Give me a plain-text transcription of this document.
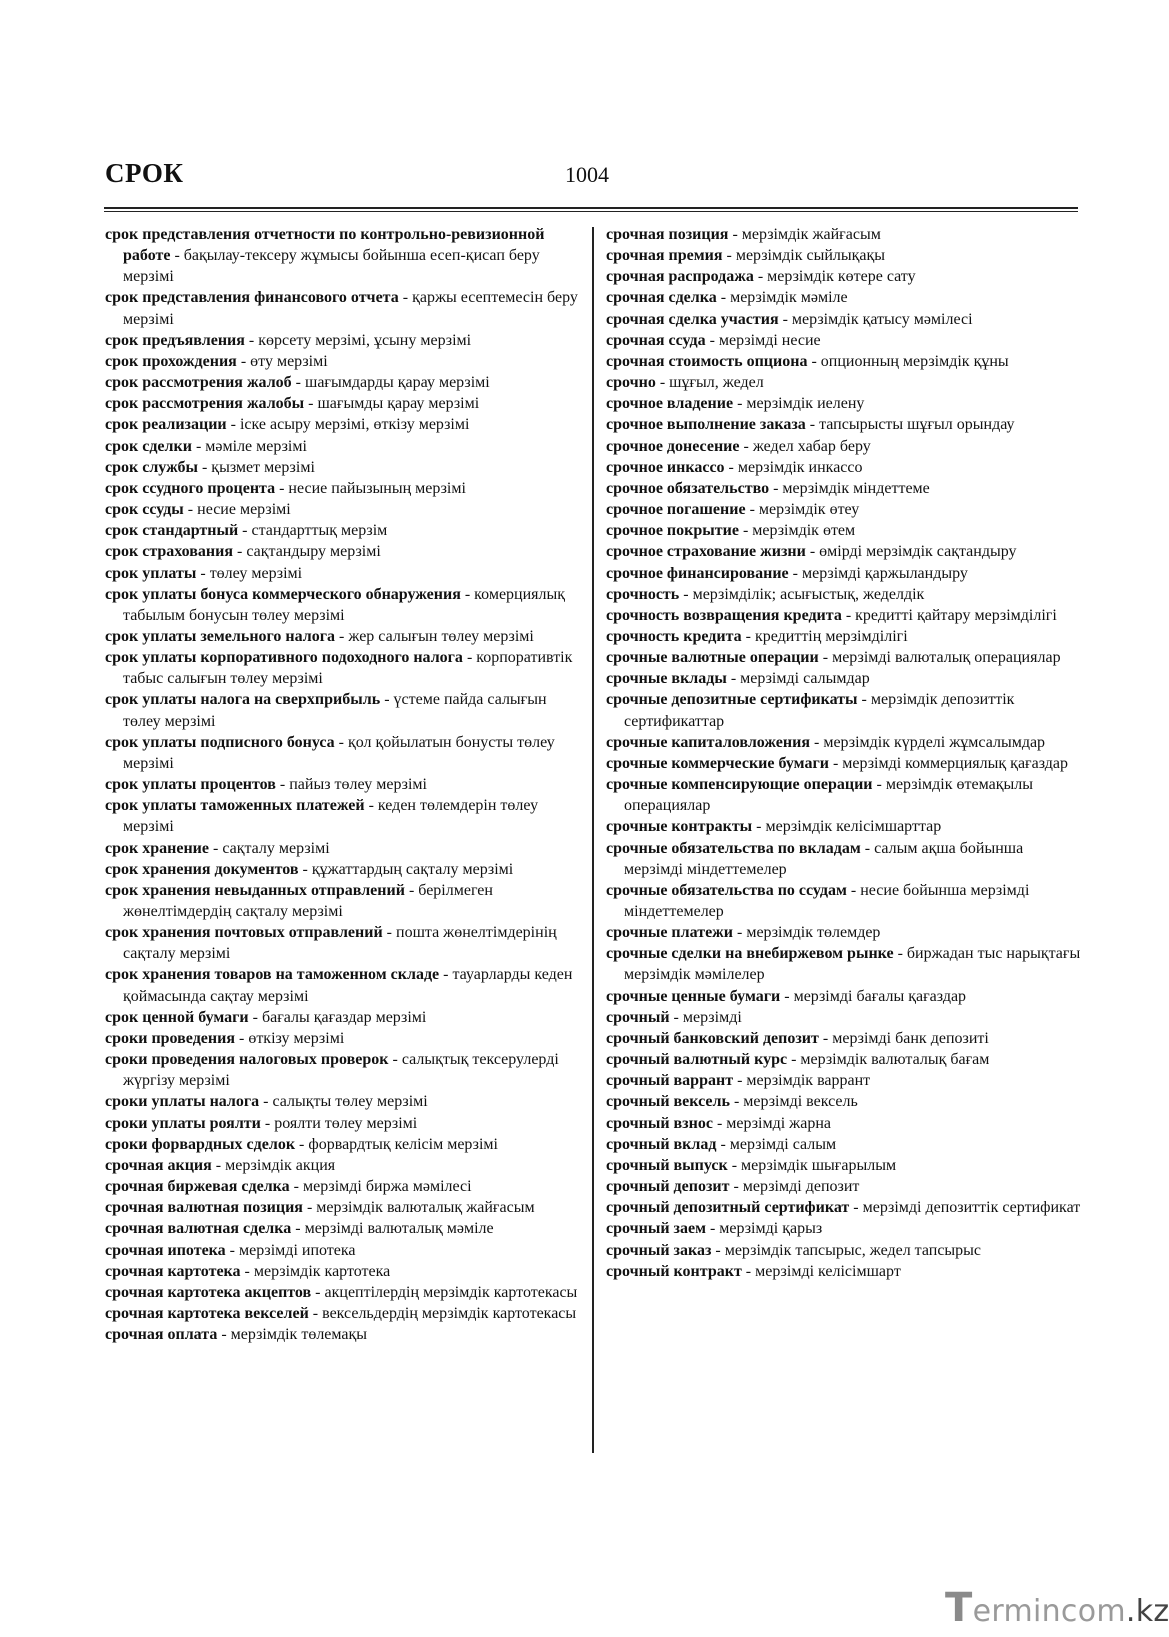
СРОК	1004

срок представления отчетности по контрольно-ревизионной работе - бақылау-тексеру жұмысы бойынша есеп-қисап беру мерзімі

срок представления финансового отчета - қаржы есептемесін беру мерзімі

срок предъявления - көрсету мерзімі, ұсыну мерзімі

срок прохождения - өту мерзімі

срок рассмотрения жалоб - шағымдарды қарау мерзімі

срок рассмотрения жалобы - шағымды қарау мерзімі

срок реализации - іске асыру мерзімі, өткізу мерзімі

срок сделки - мәміле мерзімі

срок службы - қызмет мерзімі

срок ссудного процента - несие пайызының мерзімі

срок ссуды - несие мерзімі

срок стандартный - стандарттық мерзім

срок страхования - сақтандыру мерзімі

срок уплаты - төлеу мерзімі

срок уплаты бонуса коммерческого обнаружения - комерциялық табылым бонусын төлеу мерзімі

срок уплаты земельного налога - жер салығын төлеу мерзімі

срок уплаты корпоративного подоходного налога - корпоративтік табыс салығын төлеу мерзімі

срок уплаты налога на сверхприбыль - үстеме пайда салығын төлеу мерзімі

срок уплаты подписного бонуса - қол қойылатын бонусты төлеу мерзімі

срок уплаты процентов - пайыз төлеу мерзімі

срок уплаты таможенных платежей - кеден төлемдерін төлеу мерзімі

срок хранение - сақталу мерзімі

срок хранения документов - құжаттардың сақталу мерзімі

срок хранения невыданных отправлений - берілмеген жөнелтімдердің сақталу мерзімі

срок хранения почтовых отправлений - пошта жөнелтімдерінің сақталу мерзімі

срок хранения товаров на таможенном складе - тауарларды кеден қоймасында сақтау мерзімі

срок ценной бумаги - бағалы қағаздар мерзімі

сроки проведения - өткізу мерзімі

сроки проведения налоговых проверок - салықтық тексерулерді жүргізу мерзімі

сроки уплаты налога - салықты төлеу мерзімі

сроки уплаты роялти - роялти төлеу мерзімі

сроки форвардных сделок - форвардтық келісім мерзімі

срочная акция - мерзімдік акция

срочная биржевая сделка - мерзімді биржа мәмілесі

срочная валютная позиция - мерзімдік валюталық жайғасым

срочная валютная сделка - мерзімді валюталық мәміле

срочная ипотека - мерзімді ипотека

срочная картотека - мерзімдік картотека

срочная картотека акцептов - акцептілердің мерзімдік картотекасы

срочная картотека векселей - вексельдердің мерзімдік картотекасы

срочная оплата - мерзімдік төлемақы

срочная позиция - мерзімдік жайғасым

срочная премия - мерзімдік сыйлықақы

срочная распродажа - мерзімдік көтере сату

срочная сделка - мерзімдік мәміле

срочная сделка участия - мерзімдік қатысу мәмілесі

срочная ссуда - мерзімді несие

срочная стоимость опциона - опционның мерзімдік құны

срочно - шұғыл, жедел

срочное владение - мерзімдік иелену

срочное выполнение заказа - тапсырысты шұғыл орындау

срочное донесение - жедел хабар беру

срочное инкассо - мерзімдік инкассо

срочное обязательство - мерзімдік міндеттеме

срочное погашение - мерзімдік өтеу

срочное покрытие - мерзімдік өтем

срочное страхование жизни - өмірді мерзімдік сақтандыру

срочное финансирование - мерзімді қаржыландыру

срочность - мерзімділік; асығыстық, жеделдік

срочность возвращения кредита - кредитті қайтару мерзімділігі

срочность кредита - кредиттің мерзімділігі

срочные валютные операции - мерзімді валюталық операциялар

срочные вклады - мерзімді салымдар

срочные депозитные сертификаты - мерзімдік депозиттік сертификаттар

срочные капиталовложения - мерзімдік күрделі жұмсалымдар

срочные коммерческие бумаги - мерзімді коммерциялық қағаздар

срочные компенсирующие операции - мерзімдік өтемақылы операциялар

срочные контракты - мерзімдік келісімшарттар

срочные обязательства по вкладам - салым ақша бойынша мерзімді міндеттемелер

срочные обязательства по ссудам - несие бойынша мерзімді міндеттемелер

срочные платежи - мерзімдік төлемдер

срочные сделки на внебиржевом рынке - биржадан тыс нарықтағы мерзімдік мәмілелер

срочные ценные бумаги - мерзімді бағалы қағаздар

срочный - мерзімді

срочный банковский депозит - мерзімді банк депозиті

срочный валютный курс - мерзімдік валюталық бағам

срочный варрант - мерзімдік варрант

срочный вексель - мерзімді вексель

срочный взнос - мерзімді жарна

срочный вклад - мерзімді салым

срочный выпуск - мерзімдік шығарылым

срочный депозит - мерзімді депозит

срочный депозитный сертификат - мерзімді депозиттік сертификат

срочный заем - мерзімді қарыз

срочный заказ - мерзімдік тапсырыс, жедел тапсырыс

срочный контракт - мерзімді келісімшарт

Termincom.kz
